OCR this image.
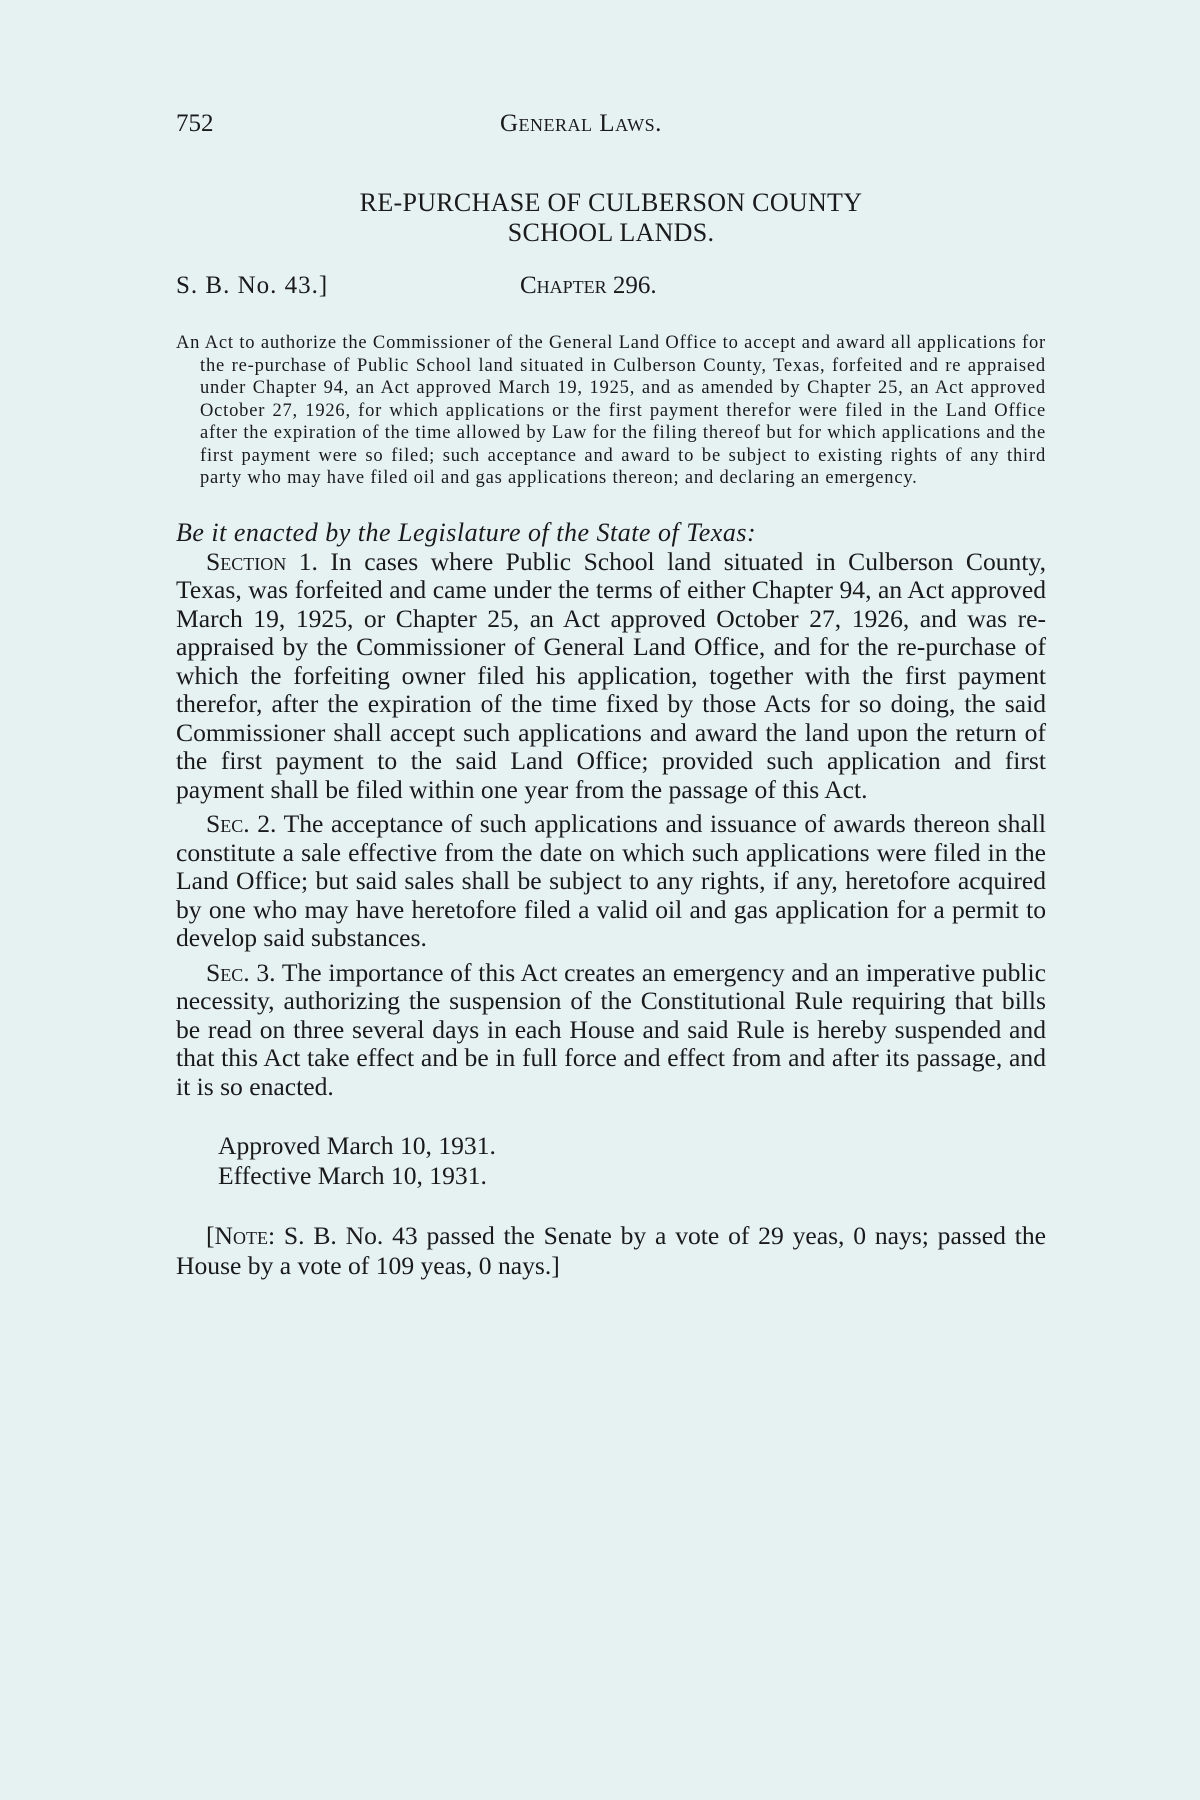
752	General Laws.
RE-PURCHASE OF CULBERSON COUNTY
SCHOOL LANDS.
S. B. No. 43.]	Chapter 296.
An Act to authorize the Commissioner of the General Land Office to accept and award all applications for the re-purchase of Public School land situated in Culberson County, Texas, forfeited and re appraised under Chapter 94, an Act approved March 19, 1925, and as amended by Chapter 25, an Act approved October 27, 1926, for which applications or the first payment therefor were filed in the Land Office after the expiration of the time allowed by Law for the filing thereof but for which applications and the first payment were so filed; such acceptance and award to be subject to existing rights of any third party who may have filed oil and gas applications thereon; and declaring an emergency.
Be it enacted by the Legislature of the State of Texas:

Section 1. In cases where Public School land situated in Culberson County, Texas, was forfeited and came under the terms of either Chapter 94, an Act approved March 19, 1925, or Chapter 25, an Act approved October 27, 1926, and was re-appraised by the Commissioner of General Land Office, and for the re-purchase of which the forfeiting owner filed his application, together with the first payment therefor, after the expiration of the time fixed by those Acts for so doing, the said Commissioner shall accept such applications and award the land upon the return of the first payment to the said Land Office; provided such application and first payment shall be filed within one year from the passage of this Act.

Sec. 2. The acceptance of such applications and issuance of awards thereon shall constitute a sale effective from the date on which such applications were filed in the Land Office; but said sales shall be subject to any rights, if any, heretofore acquired by one who may have heretofore filed a valid oil and gas application for a permit to develop said substances.

Sec. 3. The importance of this Act creates an emergency and an imperative public necessity, authorizing the suspension of the Constitutional Rule requiring that bills be read on three several days in each House and said Rule is hereby suspended and that this Act take effect and be in full force and effect from and after its passage, and it is so enacted.

Approved March 10, 1931.
Effective March 10, 1931.
[Note: S. B. No. 43 passed the Senate by a vote of 29 yeas, 0 nays; passed the House by a vote of 109 yeas, 0 nays.]
